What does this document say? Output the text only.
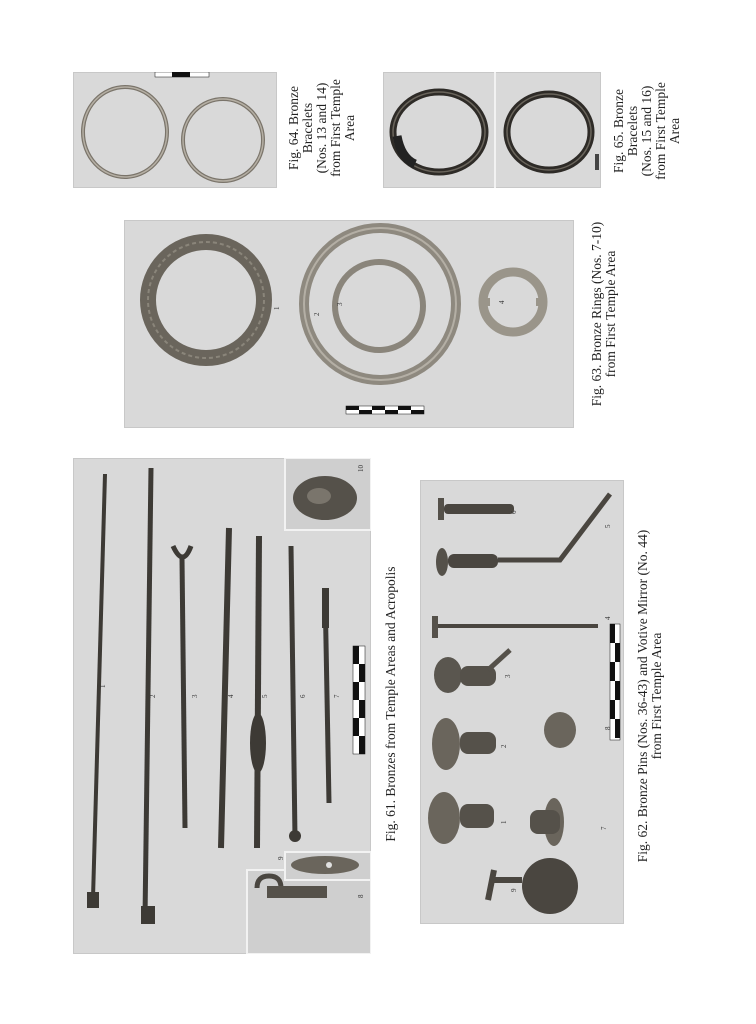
Fig. 64. Bronze Bracelets (Nos. 13 and 14) from First Temple Area	Fig. 65. Bronze Bracelets (Nos. 15 and 16) from First Temple Area
1
2
3
4	Fig. 63. Bronze Rings (Nos. 7-10) from First Temple Area
1
2	3	4	5	6	7
8
9
10
Fig. 61. Bronzes from Temple Areas and Acropolis	1
2
3
4
5
6
7
8
9
Fig. 62. Bronze Pins (Nos. 36-43) and Votive Mirror (No. 44) from First Temple Area
